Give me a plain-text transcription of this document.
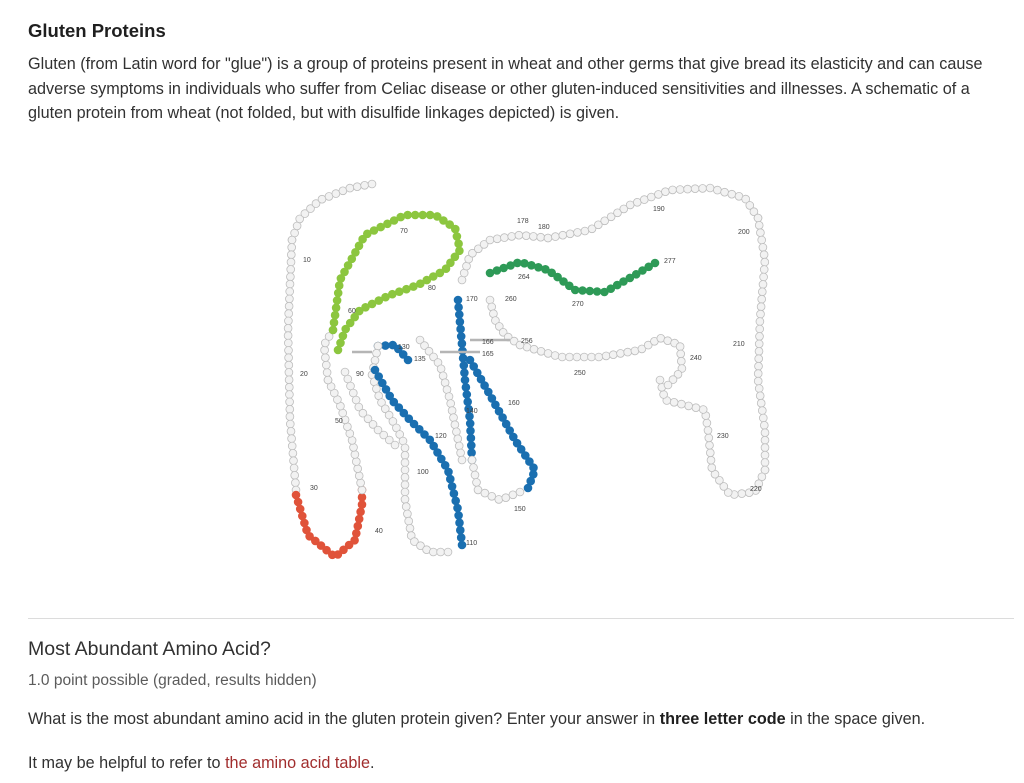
Gluten Proteins
Gluten (from Latin word for "glue") is a group of proteins present in wheat and other germs that give bread its elasticity and can cause adverse symptoms in individuals who suffer from Celiac disease or other gluten-induced sensitivities and illnesses. A schematic of a gluten protein from wheat (not folded, but with disulfide linkages depicted) is given.
Most Abundant Amino Acid?
1.0 point possible (graded, results hidden)
What is the most abundant amino acid in the gluten protein given? Enter your answer in three letter code in the space given.
It may be helpful to refer to the amino acid table.
10
20
30
40
50
60
70
80
90
100
110
120
130
135
140
150
160
165
166
170
178
180
190
200
210
220
230
240
250
256
260
264
270
277
